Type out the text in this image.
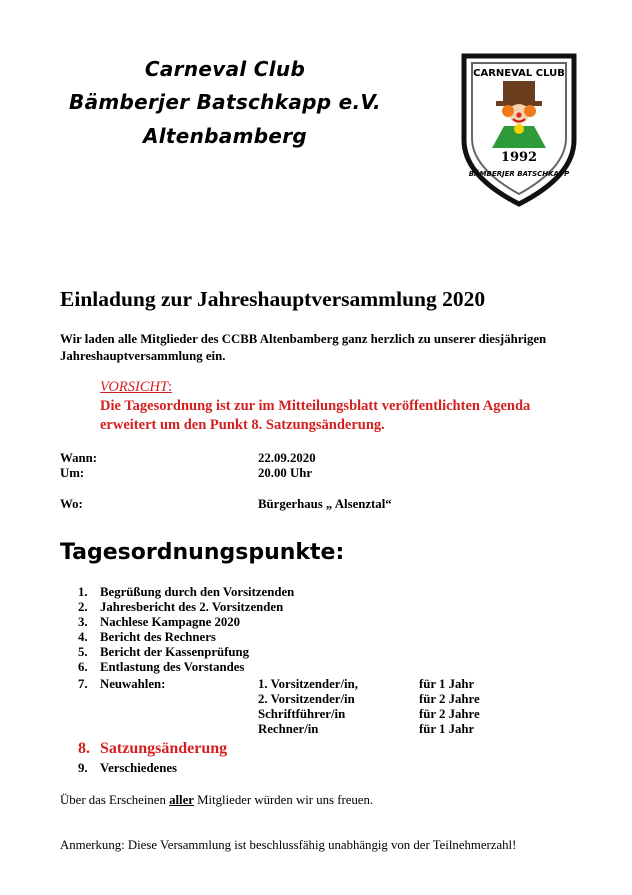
Carneval Club
Bämberjer Batschkapp e.V.
Altenbamberg
CARNEVAL CLUB
1992
BÄMBERJER BATSCHKAPP
Einladung zur Jahreshauptversammlung 2020
Wir laden alle Mitglieder des CCBB Altenbamberg ganz herzlich zu unserer diesjährigen Jahreshauptversammlung ein.
VORSICHT:
Die Tagesordnung ist zur im Mitteilungsblatt veröffentlichten Agenda erweitert um den Punkt 8. Satzungsänderung.
Wann:	22.09.2020
Um:	20.00 Uhr
Wo:	Bürgerhaus „ Alsenztal“
Tagesordnungspunkte:
1. Begrüßung durch den Vorsitzenden
2. Jahresbericht des 2. Vorsitzenden
3. Nachlese Kampagne 2020
4. Bericht des Rechners
5. Bericht der Kassenprüfung
6. Entlastung des Vorstandes
7. Neuwahlen:	1. Vorsitzender/in,	für 1 Jahr
2. Vorsitzender/in	für 2 Jahre
Schriftführer/in	für 2 Jahre
Rechner/in	für 1 Jahr
8. Satzungsänderung
9. Verschiedenes
Über das Erscheinen aller Mitglieder würden wir uns freuen.
Anmerkung: Diese Versammlung ist beschlussfähig unabhängig von der Teilnehmerzahl!
